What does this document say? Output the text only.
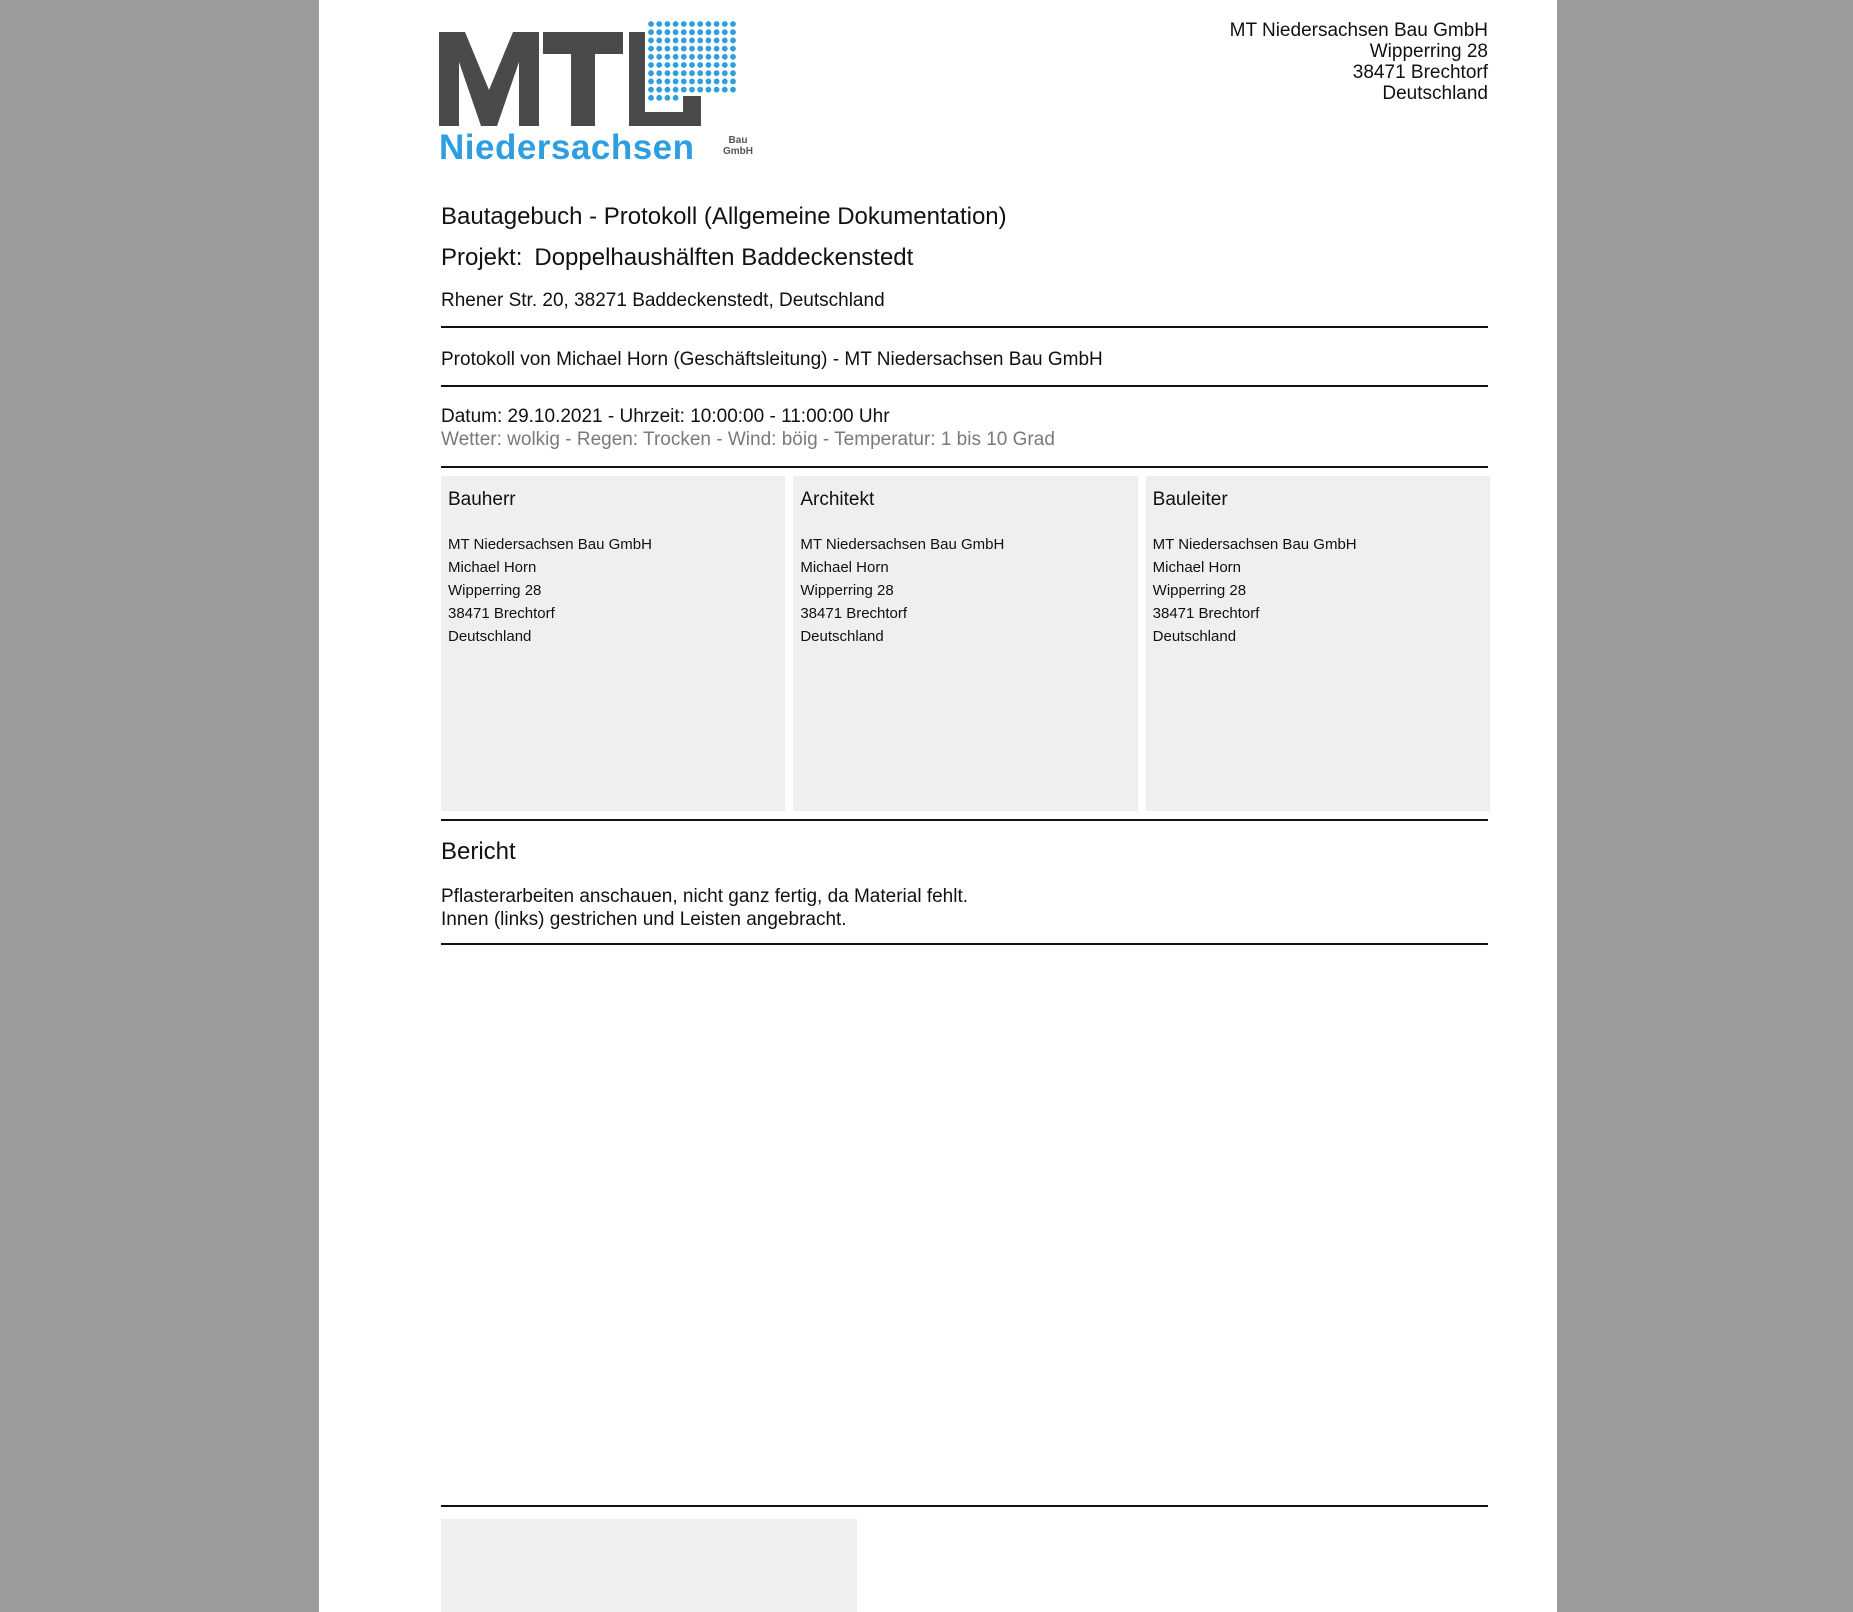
Niedersachsen	Bau
GmbH
MT Niedersachsen Bau GmbH
Wipperring 28
38471 Brechtorf
Deutschland
Bautagebuch - Protokoll (Allgemeine Dokumentation)
Projekt: Doppelhaushälften Baddeckenstedt
Rhener Str. 20, 38271 Baddeckenstedt, Deutschland
Protokoll von Michael Horn (Geschäftsleitung) - MT Niedersachsen Bau GmbH
Datum: 29.10.2021 - Uhrzeit: 10:00:00 - 11:00:00 Uhr
Wetter: wolkig - Regen: Trocken - Wind: böig - Temperatur: 1 bis 10 Grad
Bauherr
MT Niedersachsen Bau GmbH
Michael Horn
Wipperring 28
38471 Brechtorf
Deutschland
Architekt
MT Niedersachsen Bau GmbH
Michael Horn
Wipperring 28
38471 Brechtorf
Deutschland
Bauleiter
MT Niedersachsen Bau GmbH
Michael Horn
Wipperring 28
38471 Brechtorf
Deutschland
Bericht
Pflasterarbeiten anschauen, nicht ganz fertig, da Material fehlt.
Innen (links) gestrichen und Leisten angebracht.
